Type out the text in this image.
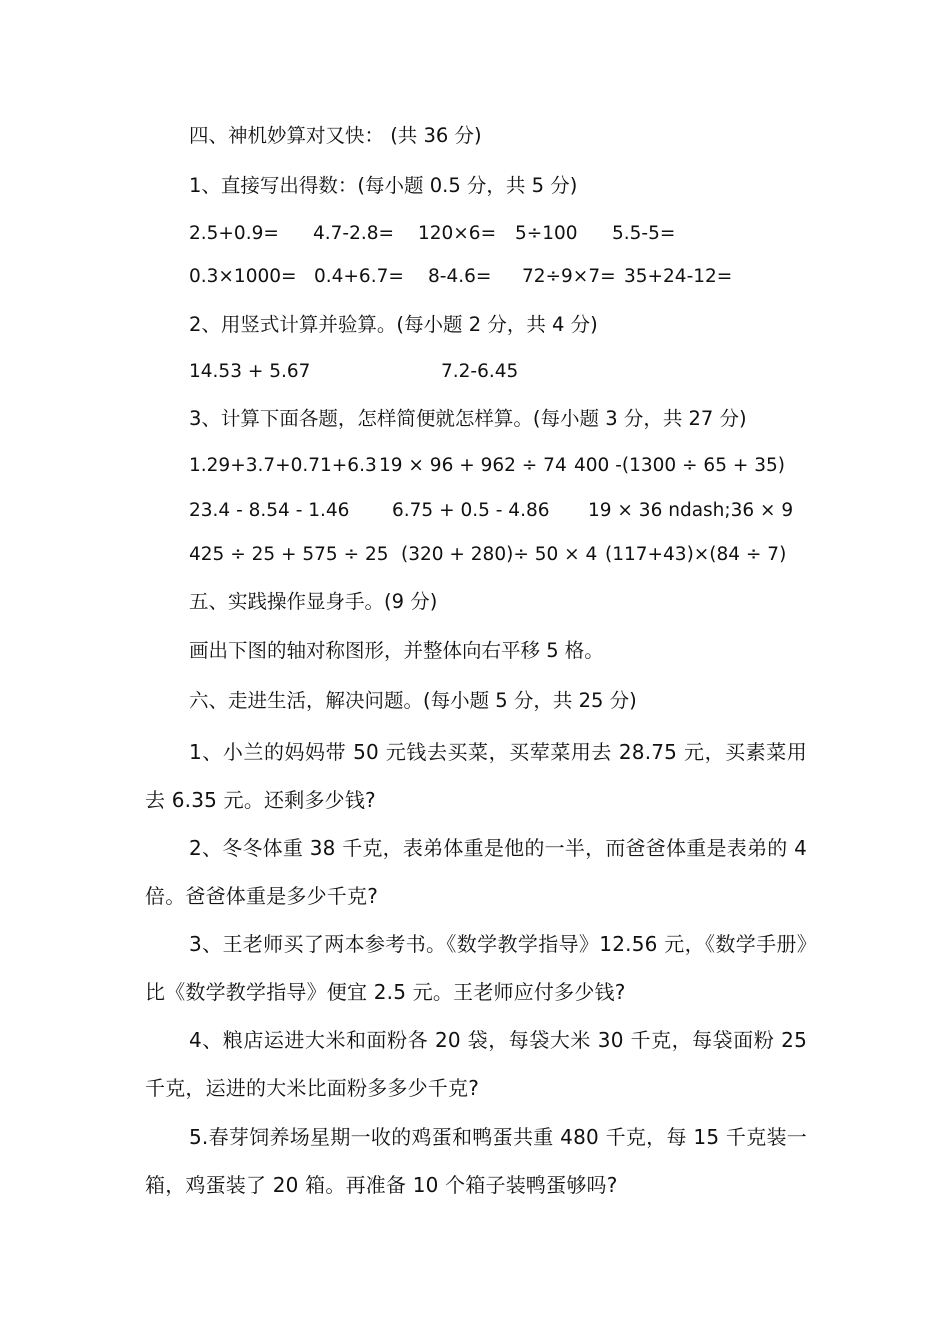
四、神机妙算对又快： (共 36 分)
1、直接写出得数：(每小题 0.5 分，共 5 分)
2.5+0.9= 4.7-2.8= 120×6= 5÷100 5.5-5=
0.3×1000= 0.4+6.7= 8-4.6= 72÷9×7= 35+24-12=
2、用竖式计算并验算。(每小题 2 分，共 4 分)
14.53 + 5.67	7.2-6.45
3、计算下面各题，怎样简便就怎样算。(每小题 3 分，共 27 分)
1.29+3.7+0.71+6.3 19 × 96 + 962 ÷ 74 400 -(1300 ÷ 65 + 35)
23.4 - 8.54 - 1.46 6.75 + 0.5 - 4.86 19 × 36 ndash;36 × 9
425 ÷ 25 + 575 ÷ 25 (320 + 280)÷ 50 × 4 (117+43)×(84 ÷ 7)
五、实践操作显身手。(9 分)
画出下图的轴对称图形，并整体向右平移 5 格。
六、走进生活，解决问题。(每小题 5 分，共 25 分)
1、小兰的妈妈带 50 元钱去买菜，买荤菜用去 28.75 元，买素菜用去 6.35 元。还剩多少钱?
2、冬冬体重 38 千克，表弟体重是他的一半，而爸爸体重是表弟的 4 倍。爸爸体重是多少千克?
3、王老师买了两本参考书。《数学教学指导》12.56 元，《数学手册》比《数学教学指导》便宜 2.5 元。王老师应付多少钱?
4、粮店运进大米和面粉各 20 袋，每袋大米 30 千克，每袋面粉 25 千克，运进的大米比面粉多多少千克?
5.春芽饲养场星期一收的鸡蛋和鸭蛋共重 480 千克，每 15 千克装一箱，鸡蛋装了 20 箱。再准备 10 个箱子装鸭蛋够吗?
